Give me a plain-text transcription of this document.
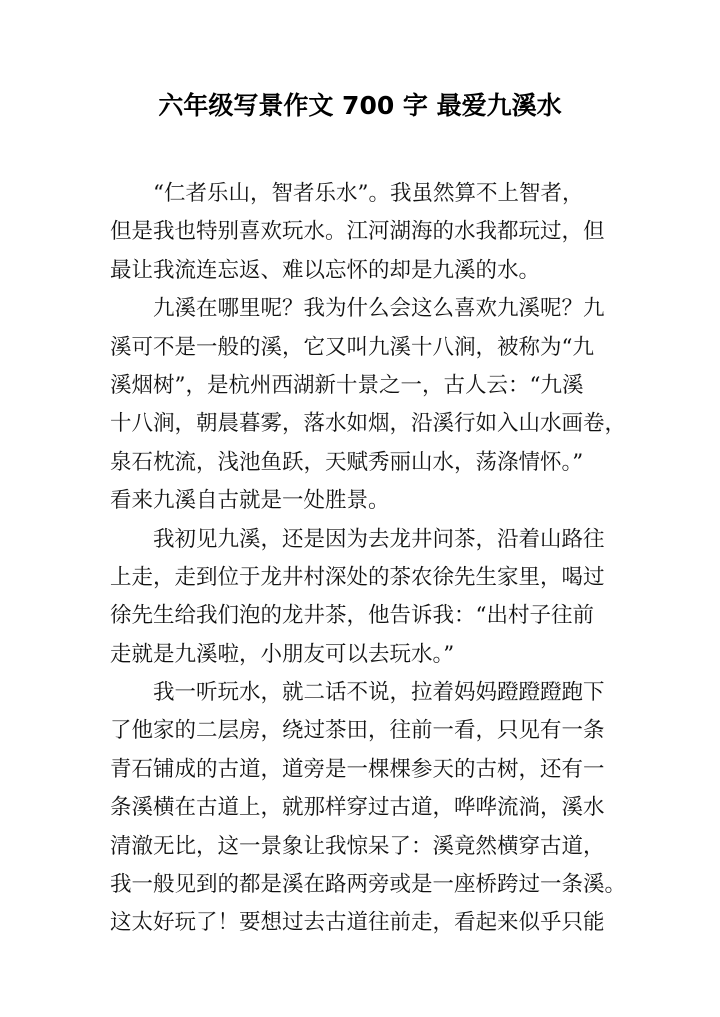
六年级写景作文 700 字 最爱九溪水
“仁者乐山，智者乐水”。我虽然算不上智者，
但是我也特别喜欢玩水。江河湖海的水我都玩过，但
最让我流连忘返、难以忘怀的却是九溪的水。
九溪在哪里呢？我为什么会这么喜欢九溪呢？九
溪可不是一般的溪，它又叫九溪十八涧，被称为“九
溪烟树”，是杭州西湖新十景之一，古人云：“九溪
十八涧，朝晨暮雾，落水如烟，沿溪行如入山水画卷，
泉石枕流，浅池鱼跃，天赋秀丽山水，荡涤情怀。”
看来九溪自古就是一处胜景。
我初见九溪，还是因为去龙井问茶，沿着山路往
上走，走到位于龙井村深处的茶农徐先生家里，喝过
徐先生给我们泡的龙井茶，他告诉我：“出村子往前
走就是九溪啦，小朋友可以去玩水。”
我一听玩水，就二话不说，拉着妈妈蹬蹬蹬跑下
了他家的二层房，绕过茶田，往前一看，只见有一条
青石铺成的古道，道旁是一棵棵参天的古树，还有一
条溪横在古道上，就那样穿过古道，哗哗流淌，溪水
清澈无比，这一景象让我惊呆了：溪竟然横穿古道，
我一般见到的都是溪在路两旁或是一座桥跨过一条溪。
这太好玩了！要想过去古道往前走，看起来似乎只能
